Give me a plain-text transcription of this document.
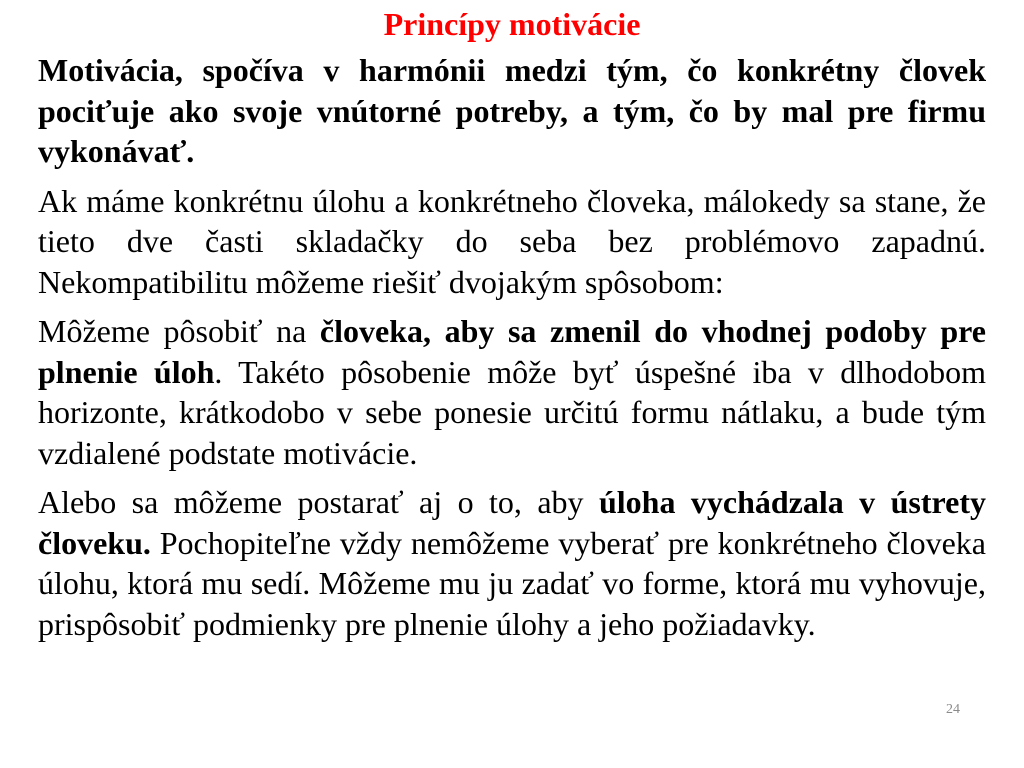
Princípy motivácie

Motivácia, spočíva v harmónii medzi tým, čo konkrétny človek pociťuje ako svoje vnútorné potreby, a tým, čo by mal pre firmu vykonávať.

Ak máme konkrétnu úlohu a konkrétneho človeka, málokedy sa stane, že tieto dve časti skladačky do seba bez problémovo zapadnú. Nekompatibilitu môžeme riešiť dvojakým spôsobom:

Môžeme pôsobiť na človeka, aby sa zmenil do vhodnej podoby pre plnenie úloh. Takéto pôsobenie môže byť úspešné iba v dlhodobom horizonte, krátkodobo v sebe ponesie určitú formu nátlaku, a bude tým vzdialené podstate motivácie.

Alebo sa môžeme postarať aj o to, aby úloha vychádzala v ústrety človeku. Pochopiteľne vždy nemôžeme vyberať pre konkrétneho človeka úlohu, ktorá mu sedí. Môžeme mu ju zadať vo forme, ktorá mu vyhovuje, prispôsobiť podmienky pre plnenie úlohy a jeho požiadavky.

24
